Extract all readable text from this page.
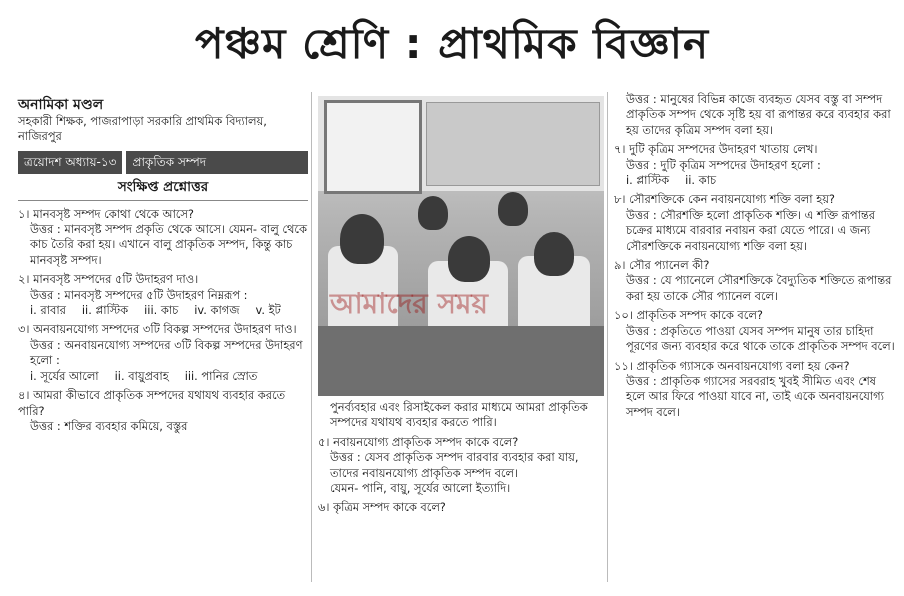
পঞ্চম শ্রেণি : প্রাথমিক বিজ্ঞান
অনামিকা মণ্ডল
সহকারী শিক্ষক, পাজরাপাড়া সরকারি প্রাথমিক বিদ্যালয়, নাজিরপুর
ত্রয়োদশ অধ্যায়-১৩	প্রাকৃতিক সম্পদ
সংক্ষিপ্ত প্রশ্নোত্তর
১। মানবসৃষ্ট সম্পদ কোথা থেকে আসে?
উত্তর : মানবসৃষ্ট সম্পদ প্রকৃতি থেকে আসে। যেমন- বালু থেকে কাচ তৈরি করা হয়। এখানে বালু প্রাকৃতিক সম্পদ, কিন্তু কাচ মানবসৃষ্ট সম্পদ।
২। মানবসৃষ্ট সম্পদের ৫টি উদাহরণ দাও।
উত্তর : মানবসৃষ্ট সম্পদের ৫টি উদাহরণ নিম্নরূপ :
i. রাবার ii. প্লাস্টিক iii. কাচ iv. কাগজ v. ইট
৩। অনবায়নযোগ্য সম্পদের ৩টি বিকল্প সম্পদের উদাহরণ দাও।
উত্তর : অনবায়নযোগ্য সম্পদের ৩টি বিকল্প সম্পদের উদাহরণ হলো :
i. সূর্যের আলো ii. বায়ুপ্রবাহ iii. পানির স্রোত
৪। আমরা কীভাবে প্রাকৃতিক সম্পদের যথাযথ ব্যবহার করতে পারি?
উত্তর : শক্তির ব্যবহার কমিয়ে, বস্তুর
আমাদের সময়
পুনর্ব্যবহার এবং রিসাইকেল করার মাধ্যমে আমরা প্রাকৃতিক সম্পদের যথাযথ ব্যবহার করতে পারি।
৫। নবায়নযোগ্য প্রাকৃতিক সম্পদ কাকে বলে?
উত্তর : যেসব প্রাকৃতিক সম্পদ বারবার ব্যবহার করা যায়, তাদের নবায়নযোগ্য প্রাকৃতিক সম্পদ বলে।
যেমন- পানি, বায়ু, সূর্যের আলো ইত্যাদি।
৬। কৃত্রিম সম্পদ কাকে বলে?
উত্তর : মানুষের বিভিন্ন কাজে ব্যবহৃত যেসব বস্তু বা সম্পদ প্রাকৃতিক সম্পদ থেকে সৃষ্টি হয় বা রূপান্তর করে ব্যবহার করা হয় তাদের কৃত্রিম সম্পদ বলা হয়।
৭। দুটি কৃত্রিম সম্পদের উদাহরণ খাতায় লেখ।
উত্তর : দুটি কৃত্রিম সম্পদের উদাহরণ হলো :
i. প্লাস্টিক ii. কাচ
৮। সৌরশক্তিকে কেন নবায়নযোগ্য শক্তি বলা হয়?
উত্তর : সৌরশক্তি হলো প্রাকৃতিক শক্তি। এ শক্তি রূপান্তর চক্রের মাধ্যমে বারবার নবায়ন করা যেতে পারে। এ জন্য সৌরশক্তিকে নবায়নযোগ্য শক্তি বলা হয়।
৯। সৌর প্যানেল কী?
উত্তর : যে প্যানেলে সৌরশক্তিকে বৈদ্যুতিক শক্তিতে রূপান্তর করা হয় তাকে সৌর প্যানেল বলে।
১০। প্রাকৃতিক সম্পদ কাকে বলে?
উত্তর : প্রকৃতিতে পাওয়া যেসব সম্পদ মানুষ তার চাহিদা পূরণের জন্য ব্যবহার করে থাকে তাকে প্রাকৃতিক সম্পদ বলে।
১১। প্রাকৃতিক গ্যাসকে অনবায়নযোগ্য বলা হয় কেন?
উত্তর : প্রাকৃতিক গ্যাসের সরবরাহ খুবই সীমিত এবং শেষ হলে আর ফিরে পাওয়া যাবে না, তাই একে অনবায়নযোগ্য সম্পদ বলে।
